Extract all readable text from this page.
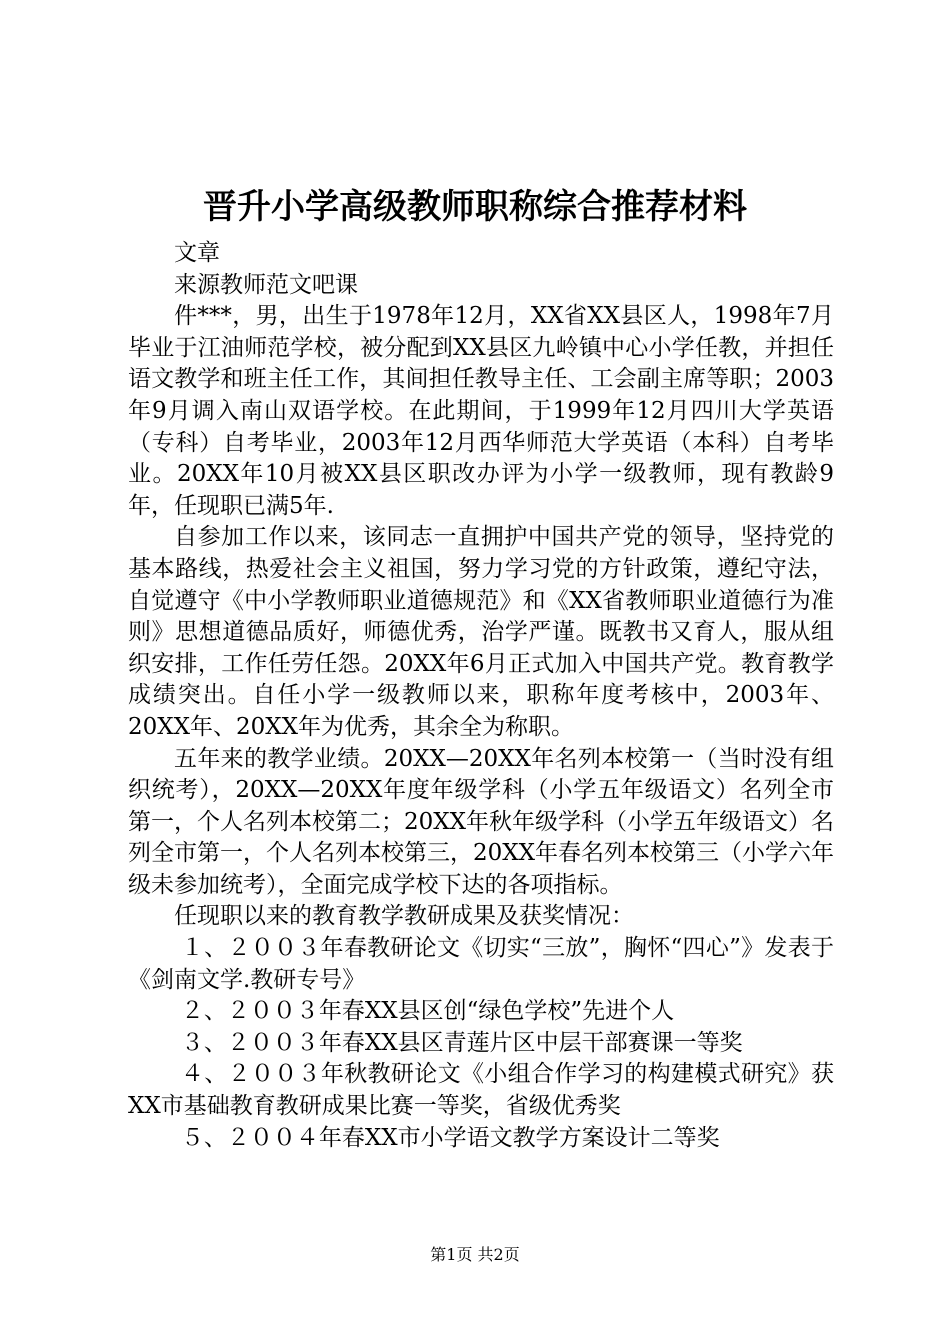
晋升小学高级教师职称综合推荐材料

文章

来源教师范文吧课

件***，男，出生于1978年12月，XX省XX县区人，1998年7月毕业于江油师范学校，被分配到XX县区九岭镇中心小学任教，并担任语文教学和班主任工作，其间担任教导主任、工会副主席等职；2003年9月调入南山双语学校。在此期间，于1999年12月四川大学英语（专科）自考毕业，2003年12月西华师范大学英语（本科）自考毕业。20XX年10月被XX县区职改办评为小学一级教师，现有教龄9年，任现职已满5年.

自参加工作以来，该同志一直拥护中国共产党的领导，坚持党的基本路线，热爱社会主义祖国，努力学习党的方针政策，遵纪守法，自觉遵守《中小学教师职业道德规范》和《XX省教师职业道德行为准则》思想道德品质好，师德优秀，治学严谨。既教书又育人，服从组织安排，工作任劳任怨。20XX年6月正式加入中国共产党。教育教学成绩突出。自任小学一级教师以来，职称年度考核中，2003年、20XX年、20XX年为优秀，其余全为称职。

五年来的教学业绩。20XX—20XX年名列本校第一（当时没有组织统考），20XX—20XX年度年级学科（小学五年级语文）名列全市第一，个人名列本校第二；20XX年秋年级学科（小学五年级语文）名列全市第一，个人名列本校第三，20XX年春名列本校第三（小学六年级未参加统考），全面完成学校下达的各项指标。

任现职以来的教育教学教研成果及获奖情况：

１、２００３年春教研论文《切实“三放”，胸怀“四心”》发表于《剑南文学.教研专号》

２、２００３年春XX县区创“绿色学校”先进个人

３、２００３年春XX县区青莲片区中层干部赛课一等奖

４、２００３年秋教研论文《小组合作学习的构建模式研究》获XX市基础教育教研成果比赛一等奖，省级优秀奖

５、２００４年春XX市小学语文教学方案设计二等奖

第1页 共2页
